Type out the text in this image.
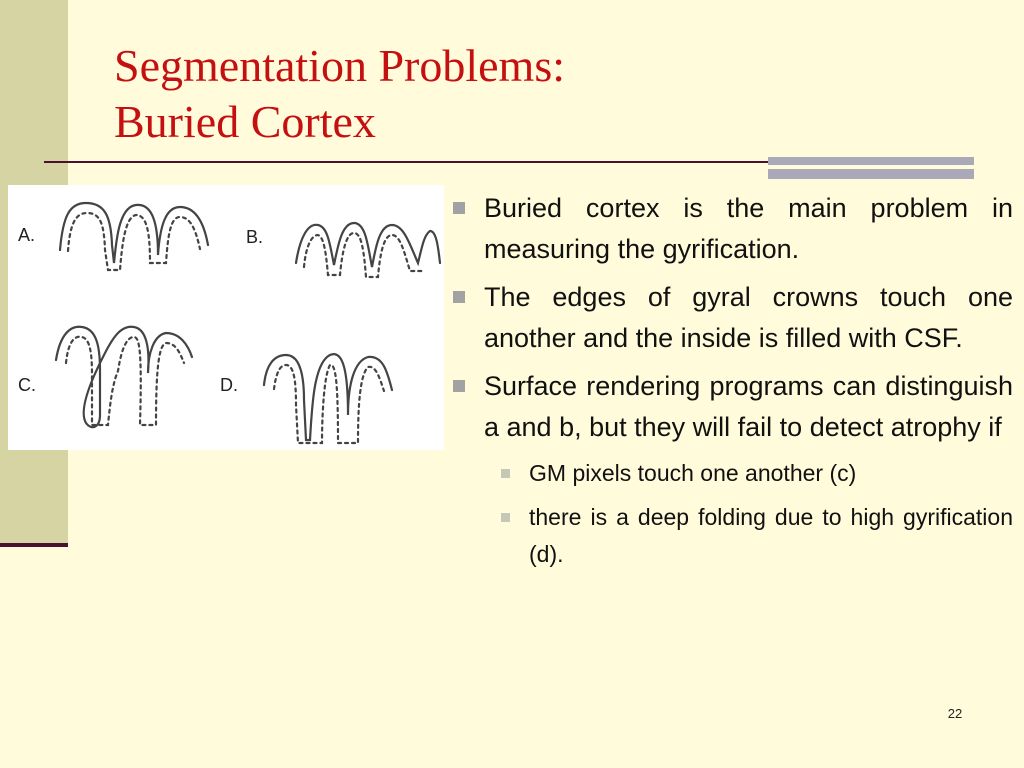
Segmentation Problems:
Buried Cortex
A.	B.
C.	D.
Buried cortex is the main problem in measuring the gyrification.
The edges of gyral crowns touch one another and the inside is filled with CSF.
Surface rendering programs can distinguish a and b, but they will fail to detect atrophy if
GM pixels touch one another (c)
there is a deep folding due to high gyrification (d).
22
